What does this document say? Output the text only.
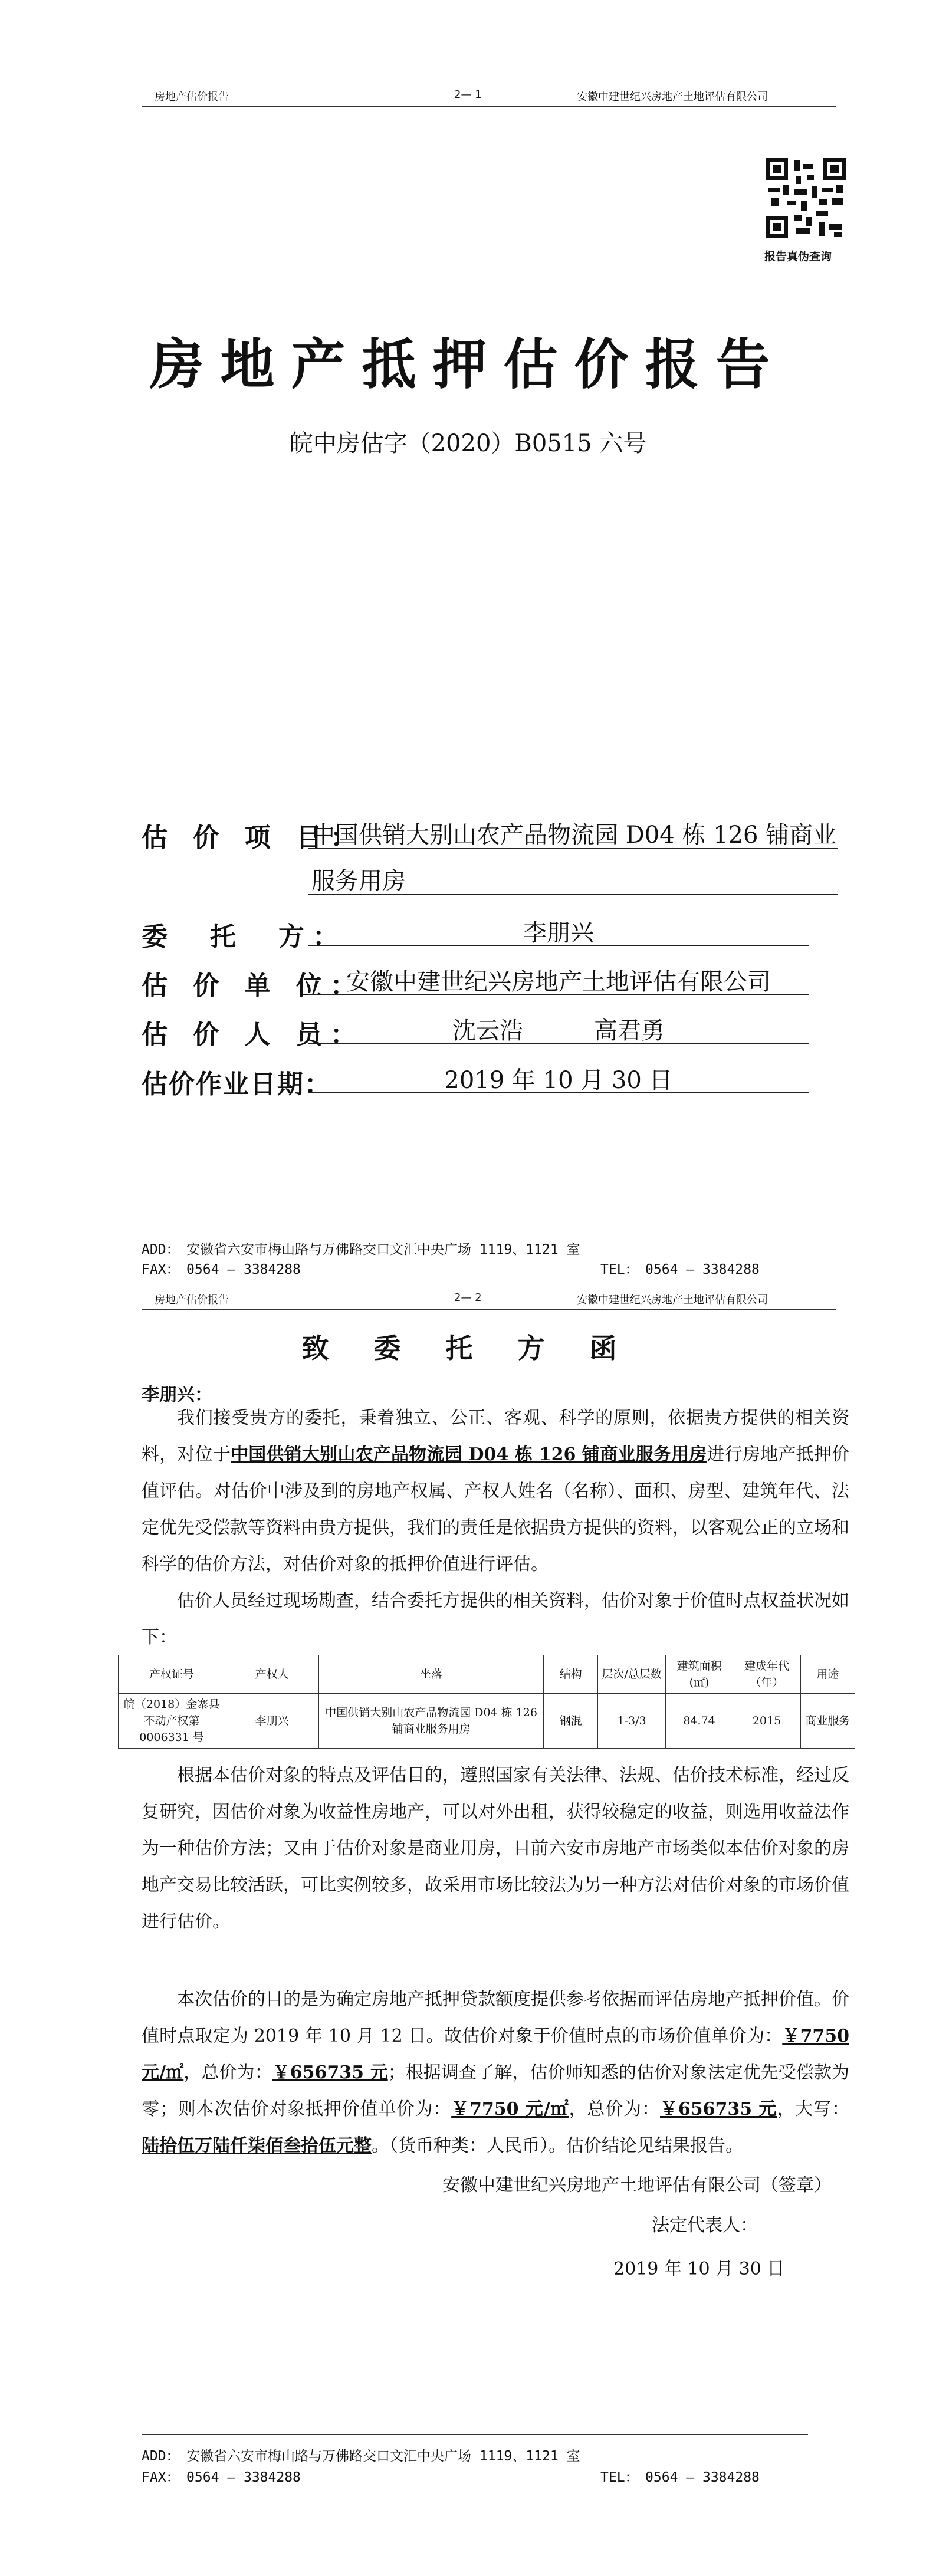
房地产估价报告	2— 1	安徽中建世纪兴房地产土地评估有限公司
报告真伪查询
房地产抵押估价报告
皖中房估字（2020）B0515 六号
估 价 项 目：
中国供销大别山农产品物流园 D04 栋 126 铺商业
服务用房
委　托　方：	李朋兴
估 价 单 位：
安徽中建世纪兴房地产土地评估有限公司
估 价 人 员：	沈云浩　　　高君勇
估价作业日期：	2019 年 10 月 30 日
ADD：　安徽省六安市梅山路与万佛路交口文汇中央广场 1119、1121 室
FAX：　0564 — 3384288	TEL：　0564 — 3384288
房地产估价报告	2— 2	安徽中建世纪兴房地产土地评估有限公司
致 委 托 方 函
李朋兴：
我们接受贵方的委托，秉着独立、公正、客观、科学的原则，依据贵方提供的相关资料，对位于中国供销大别山农产品物流园 D04 栋 126 铺商业服务用房进行房地产抵押价值评估。对估价中涉及到的房地产权属、产权人姓名（名称）、面积、房型、建筑年代、法定优先受偿款等资料由贵方提供，我们的责任是依据贵方提供的资料，以客观公正的立场和科学的估价方法，对估价对象的抵押价值进行评估。
估价人员经过现场勘查，结合委托方提供的相关资料，估价对象于价值时点权益状况如下：
产权证号	产权人	坐落	结构	层次/总层数	建筑面积(㎡)	建成年代（年）	用途
皖（2018）金寨县不动产权第 0006331 号	李朋兴	中国供销大别山农产品物流园 D04 栋 126 铺商业服务用房	钢混	1-3/3	84.74	2015	商业服务
根据本估价对象的特点及评估目的，遵照国家有关法律、法规、估价技术标准，经过反复研究，因估价对象为收益性房地产，可以对外出租，获得较稳定的收益，则选用收益法作为一种估价方法；又由于估价对象是商业用房，目前六安市房地产市场类似本估价对象的房地产交易比较活跃，可比实例较多，故采用市场比较法为另一种方法对估价对象的市场价值进行估价。
本次估价的目的是为确定房地产抵押贷款额度提供参考依据而评估房地产抵押价值。价值时点取定为 2019 年 10 月 12 日。故估价对象于价值时点的市场价值单价为：￥7750 元/㎡，总价为：￥656735 元；根据调查了解，估价师知悉的估价对象法定优先受偿款为零；则本次估价对象抵押价值单价为：￥7750 元/㎡，总价为：￥656735 元，大写：陆拾伍万陆仟柒佰叁拾伍元整。（货币种类：人民币）。估价结论见结果报告。
安徽中建世纪兴房地产土地评估有限公司（签章）
法定代表人：
2019 年 10 月 30 日
ADD：　安徽省六安市梅山路与万佛路交口文汇中央广场 1119、1121 室
FAX：　0564 — 3384288	TEL：　0564 — 3384288
